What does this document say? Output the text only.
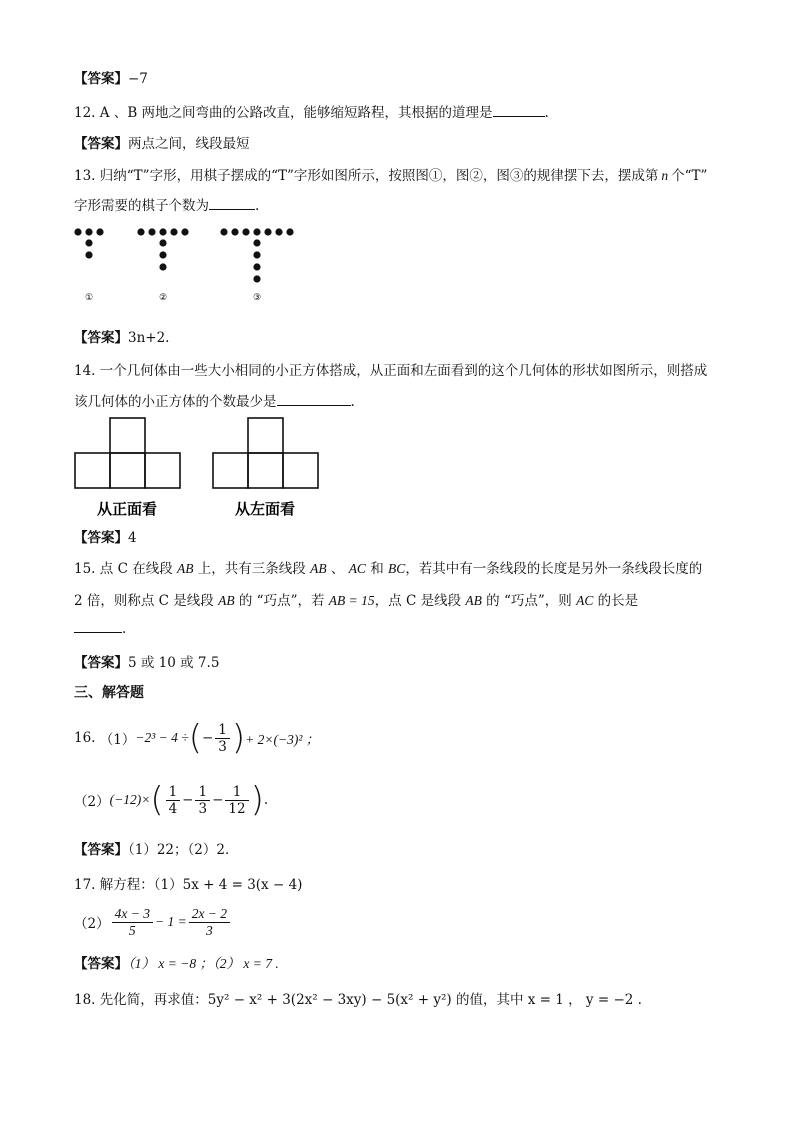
【答案】−7
12. A 、B 两地之间弯曲的公路改直，能够缩短路程，其根据的道理是	.
【答案】两点之间，线段最短
13. 归纳“T”字形，用棋子摆成的“T”字形如图所示，按照图①，图②，图③的规律摆下去，摆成第 n 个“T”
字形需要的棋子个数为	.
①	②	③
【答案】3n+2.
14. 一个几何体由一些大小相同的小正方体搭成，从正面和左面看到的这个几何体的形状如图所示，则搭成
该几何体的小正方体的个数最少是	.
从正面看	从左面看
【答案】4
15. 点 C 在线段 AB 上，共有三条线段 AB 、 AC 和 BC，若其中有一条线段的长度是另外一条线段长度的
2 倍，则称点 C 是线段 AB 的 “巧点”，若 AB = 15，点 C 是线段 AB 的 “巧点”，则 AC 的长是
.
【答案】5 或 10 或 7.5
三、解答题
16.
（1） −2³ − 4 ÷ ( − $\frac{1}{3}$ ) + 2×(−3)² ；
（2） (−12)× ( $\frac{1}{4} - \frac{1}{3} - \frac{1}{12}$ ) .
【答案】（1）22；（2）2．
17. 解方程：（1）5x + 4 = 3(x − 4)
$(2) \frac{4x - 3}{5} - 1 = \frac{2x - 2}{3}$
【答案】（1） x = −8 ；（2） x = 7 .
18. 先化简，再求值：5y² − x² + 3(2x² − 3xy) − 5(x² + y²) 的值，其中 x = 1 ， y = −2 .
